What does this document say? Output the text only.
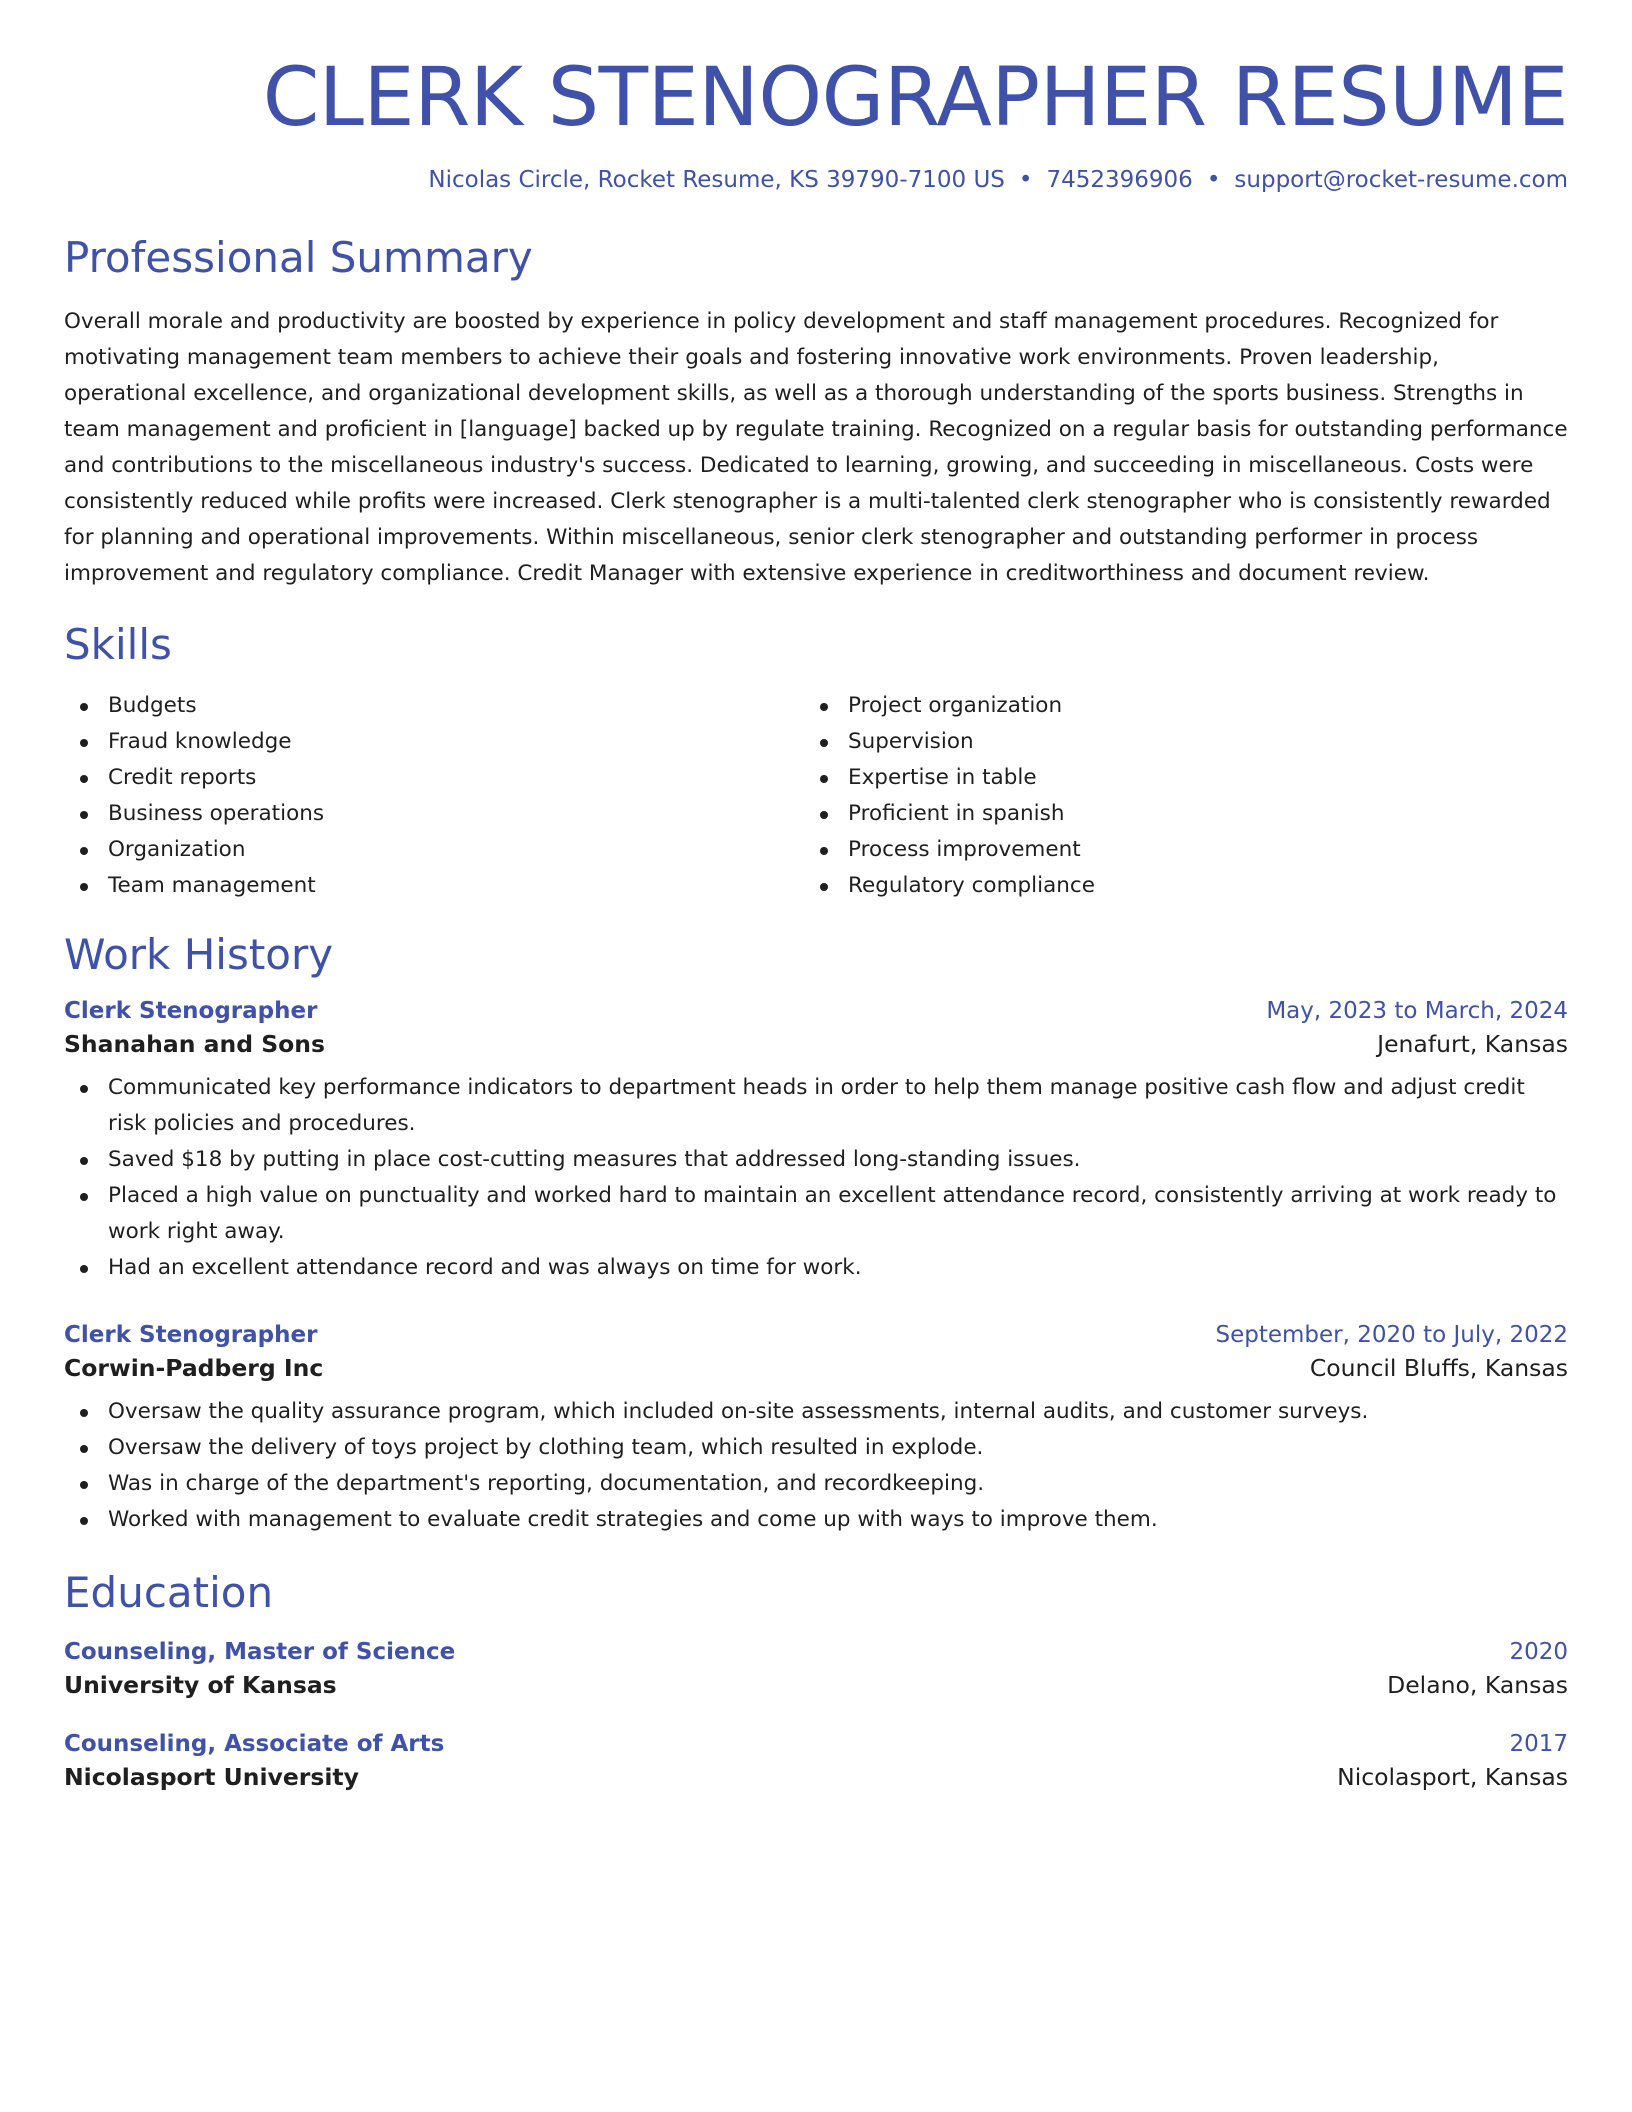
CLERK STENOGRAPHER RESUME
Nicolas Circle, Rocket Resume, KS 39790-7100 US • 7452396906 • support@rocket-resume.com
Professional Summary
Overall morale and productivity are boosted by experience in policy development and staff management procedures. Recognized for motivating management team members to achieve their goals and fostering innovative work environments. Proven leadership, operational excellence, and organizational development skills, as well as a thorough understanding of the sports business. Strengths in team management and proficient in [language] backed up by regulate training. Recognized on a regular basis for outstanding performance and contributions to the miscellaneous industry's success. Dedicated to learning, growing, and succeeding in miscellaneous. Costs were consistently reduced while profits were increased. Clerk stenographer is a multi-talented clerk stenographer who is consistently rewarded for planning and operational improvements. Within miscellaneous, senior clerk stenographer and outstanding performer in process improvement and regulatory compliance. Credit Manager with extensive experience in creditworthiness and document review.
Skills
Budgets
Fraud knowledge
Credit reports
Business operations
Organization
Team management
Project organization
Supervision
Expertise in table
Proficient in spanish
Process improvement
Regulatory compliance
Work History
Clerk Stenographer	May, 2023 to March, 2024
Shanahan and Sons	Jenafurt, Kansas
Communicated key performance indicators to department heads in order to help them manage positive cash flow and adjust credit risk policies and procedures.
Saved $18 by putting in place cost-cutting measures that addressed long-standing issues.
Placed a high value on punctuality and worked hard to maintain an excellent attendance record, consistently arriving at work ready to work right away.
Had an excellent attendance record and was always on time for work.
Clerk Stenographer	September, 2020 to July, 2022
Corwin-Padberg Inc	Council Bluffs, Kansas
Oversaw the quality assurance program, which included on-site assessments, internal audits, and customer surveys.
Oversaw the delivery of toys project by clothing team, which resulted in explode.
Was in charge of the department's reporting, documentation, and recordkeeping.
Worked with management to evaluate credit strategies and come up with ways to improve them.
Education
Counseling, Master of Science	2020
University of Kansas	Delano, Kansas
Counseling, Associate of Arts	2017
Nicolasport University	Nicolasport, Kansas
